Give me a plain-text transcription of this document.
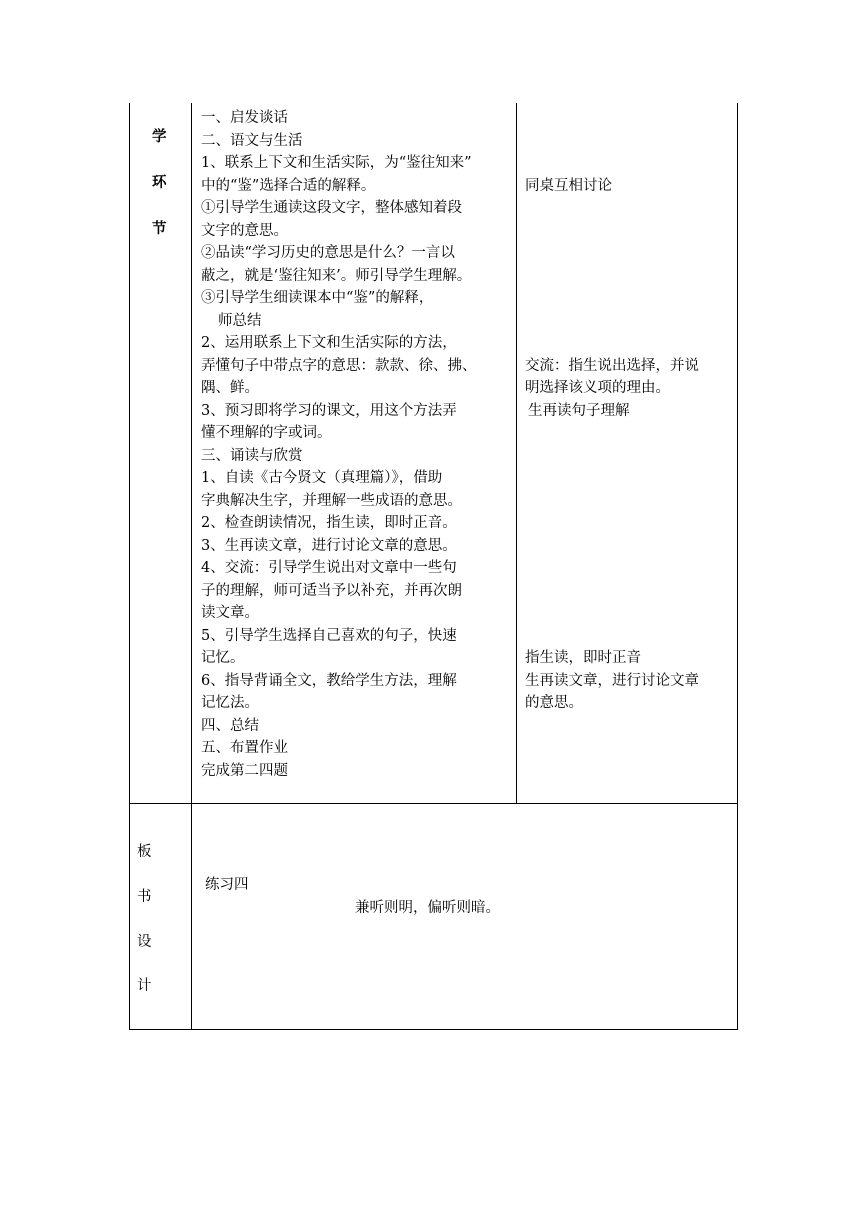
学
环
节
一、启发谈话
二、语文与生活
1、联系上下文和生活实际，为“鉴往知来”
中的“鉴”选择合适的解释。
①引导学生通读这段文字，整体感知着段
文字的意思。
②品读“学习历史的意思是什么？一言以
蔽之，就是‘鉴往知来’。师引导学生理解。
③引导学生细读课本中“鉴”的解释，
师总结
2、运用联系上下文和生活实际的方法，
弄懂句子中带点字的意思：款款、徐、拂、
隅、鲜。
3、预习即将学习的课文，用这个方法弄
懂不理解的字或词。
三、诵读与欣赏
1、自读《古今贤文（真理篇）》，借助
字典解决生字，并理解一些成语的意思。
2、检查朗读情况，指生读，即时正音。
3、生再读文章，进行讨论文章的意思。
4、交流：引导学生说出对文章中一些句
子的理解，师可适当予以补充，并再次朗
读文章。
5、引导学生选择自己喜欢的句子，快速
记忆。
6、指导背诵全文，教给学生方法，理解
记忆法。
四、总结
五、布置作业
完成第二四题
同桌互相讨论
交流：指生说出选择，并说
明选择该义项的理由。
生再读句子理解
指生读，即时正音
生再读文章，进行讨论文章
的意思。
板
书
设
计
练习四
兼听则明，偏听则暗。
